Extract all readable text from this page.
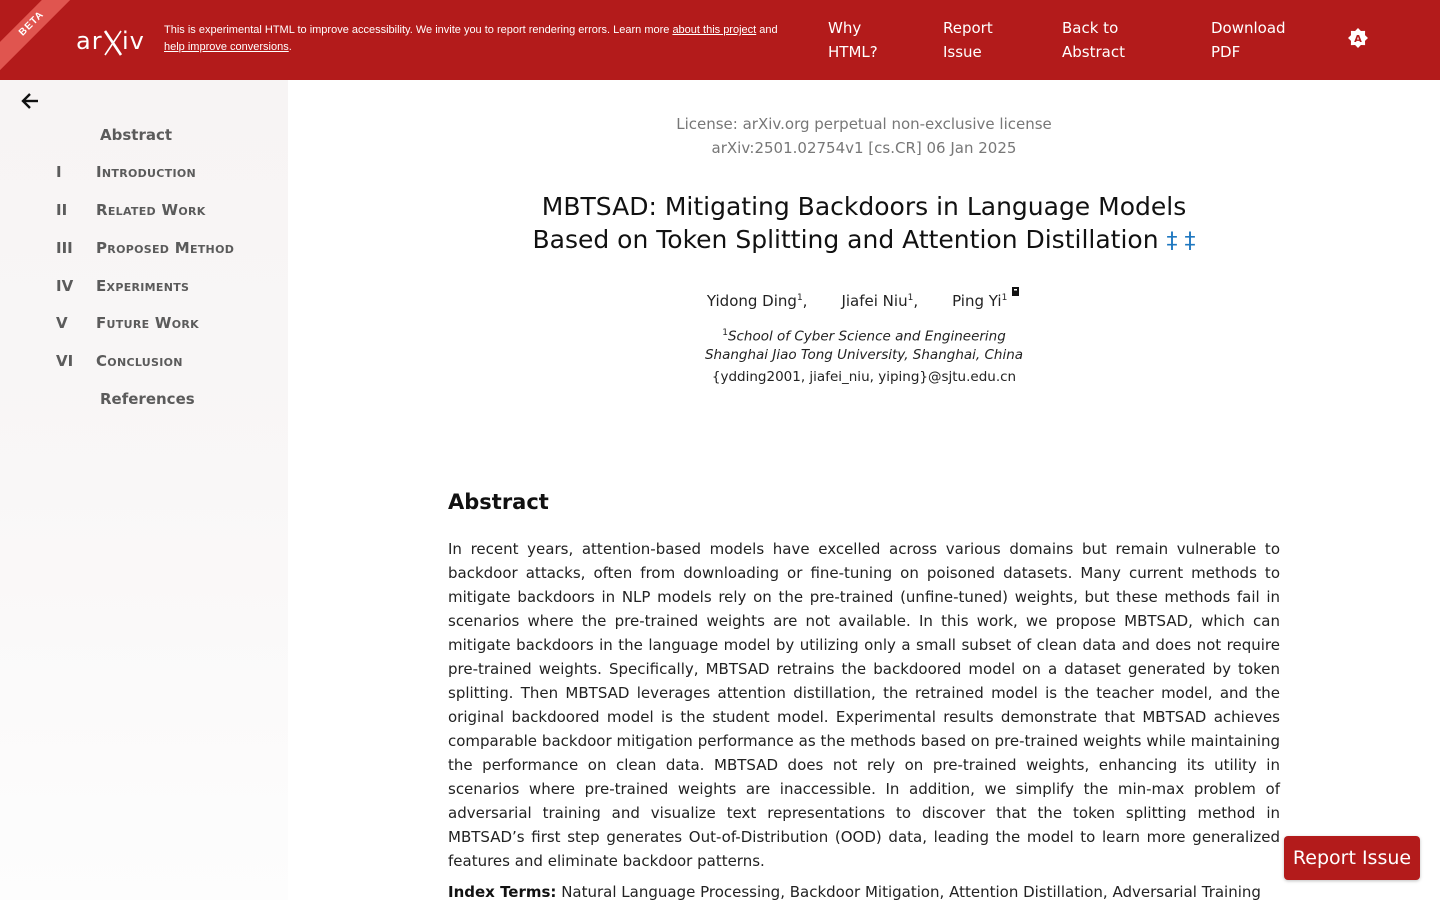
BETA
ar iv This is experimental HTML to improve accessibility. We invite you to report rendering errors. Learn more about this project and
help improve conversions.
Why
HTML?
Report
Issue
Back to
Abstract
Download
PDF
A
Abstract
I Introduction
II Related Work
III Proposed Method
IV Experiments
V Future Work
VI Conclusion
References
License: arXiv.org perpetual non-exclusive license
arXiv:2501.02754v1 [cs.CR] 06 Jan 2025
MBTSAD: Mitigating Backdoors in Language Models
Based on Token Splitting and Attention Distillation ‡ ‡
Yidong Ding$^1$, Jiafei Niu$^1$, Ping Yi$^1$
$^1$School of Cyber Science and Engineering
Shanghai Jiao Tong University, Shanghai, China
{ydding2001, jiafei_niu, yiping}@sjtu.edu.cn
Abstract

In recent years, attention-based models have excelled across various domains but remain vulnerable to backdoor attacks, often from downloading or fine-tuning on poisoned datasets. Many current methods to mitigate backdoors in NLP models rely on the pre-trained (unfine-tuned) weights, but these methods fail in scenarios where the pre-trained weights are not available. In this work, we propose MBTSAD, which can mitigate backdoors in the language model by utilizing only a small subset of clean data and does not require pre-trained weights. Specifically, MBTSAD retrains the backdoored model on a dataset generated by token splitting. Then MBTSAD leverages attention distillation, the retrained model is the teacher model, and the original backdoored model is the student model. Experimental results demonstrate that MBTSAD achieves comparable backdoor mitigation performance as the methods based on pre-trained weights while maintaining the performance on clean data. MBTSAD does not rely on pre-trained weights, enhancing its utility in scenarios where pre-trained weights are inaccessible. In addition, we simplify the min-max problem of adversarial training and visualize text representations to discover that the token splitting method in MBTSAD’s first step generates Out-of-Distribution (OOD) data, leading the model to learn more generalized features and eliminate backdoor patterns.

Index Terms: Natural Language Processing, Backdoor Mitigation, Attention Distillation, Adversarial Training
Report Issue
